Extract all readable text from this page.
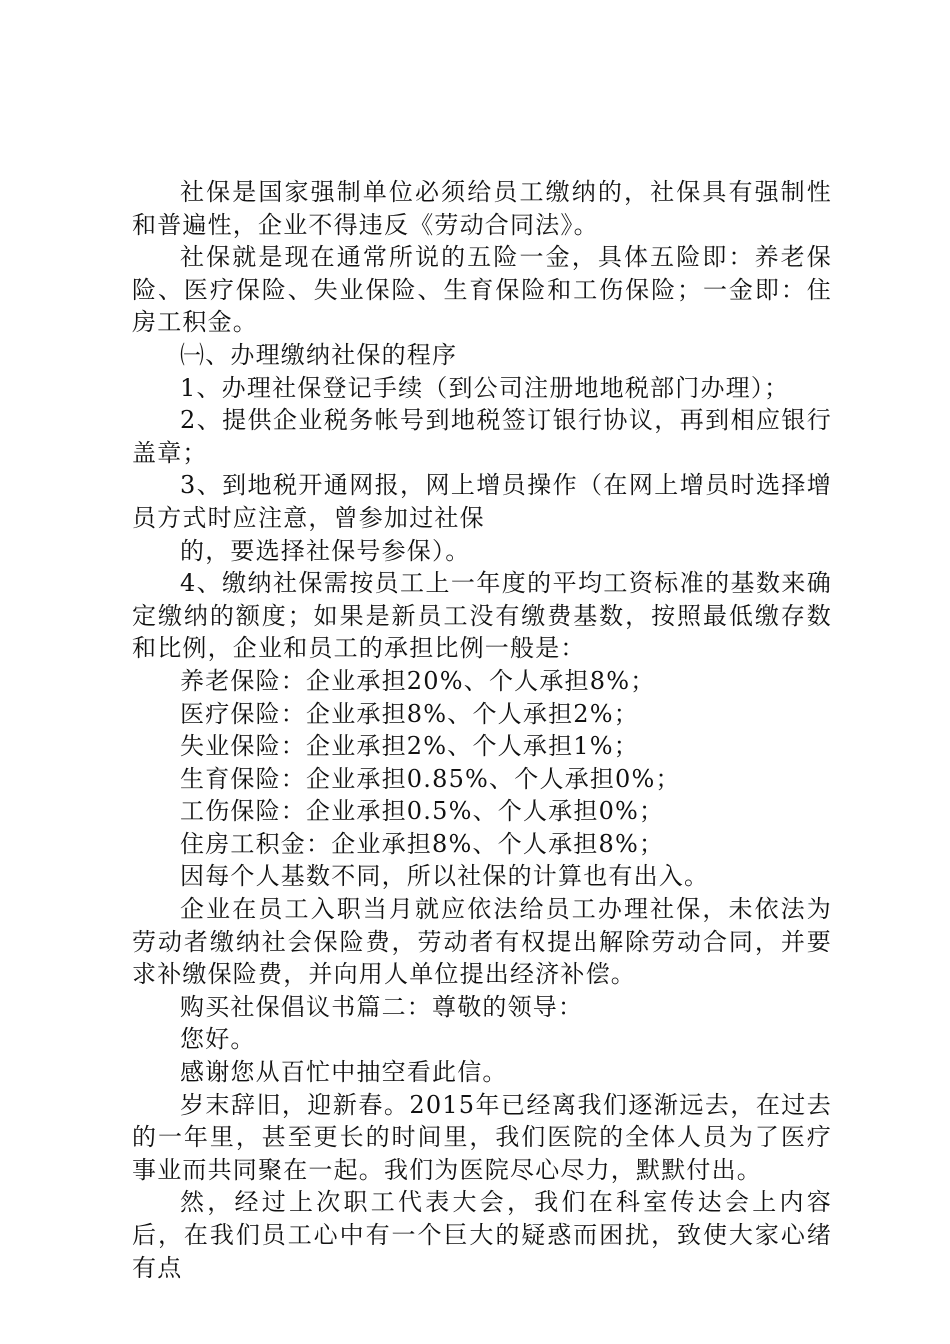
社保是国家强制单位必须给员工缴纳的，社保具有强制性和普遍性，企业不得违反《劳动合同法》。

社保就是现在通常所说的五险一金，具体五险即：养老保险、医疗保险、失业保险、生育保险和工伤保险；一金即：住房工积金。

㈠、办理缴纳社保的程序

1、办理社保登记手续（到公司注册地地税部门办理）；

2、提供企业税务帐号到地税签订银行协议，再到相应银行盖章；

3、到地税开通网报，网上增员操作（在网上增员时选择增员方式时应注意，曾参加过社保

的，要选择社保号参保）。

4、缴纳社保需按员工上一年度的平均工资标准的基数来确定缴纳的额度；如果是新员工没有缴费基数，按照最低缴存数和比例，企业和员工的承担比例一般是：

养老保险：企业承担20%、个人承担8%；

医疗保险：企业承担8%、个人承担2%；

失业保险：企业承担2%、个人承担1%；

生育保险：企业承担0.85%、个人承担0%；

工伤保险：企业承担0.5%、个人承担0%；

住房工积金：企业承担8%、个人承担8%；

因每个人基数不同，所以社保的计算也有出入。

企业在员工入职当月就应依法给员工办理社保，未依法为劳动者缴纳社会保险费，劳动者有权提出解除劳动合同，并要求补缴保险费，并向用人单位提出经济补偿。

购买社保倡议书篇二：尊敬的领导：

您好。

感谢您从百忙中抽空看此信。

岁末辞旧，迎新春。2015年已经离我们逐渐远去，在过去的一年里，甚至更长的时间里，我们医院的全体人员为了医疗事业而共同聚在一起。我们为医院尽心尽力，默默付出。

然，经过上次职工代表大会，我们在科室传达会上内容后，在我们员工心中有一个巨大的疑惑而困扰，致使大家心绪有点
